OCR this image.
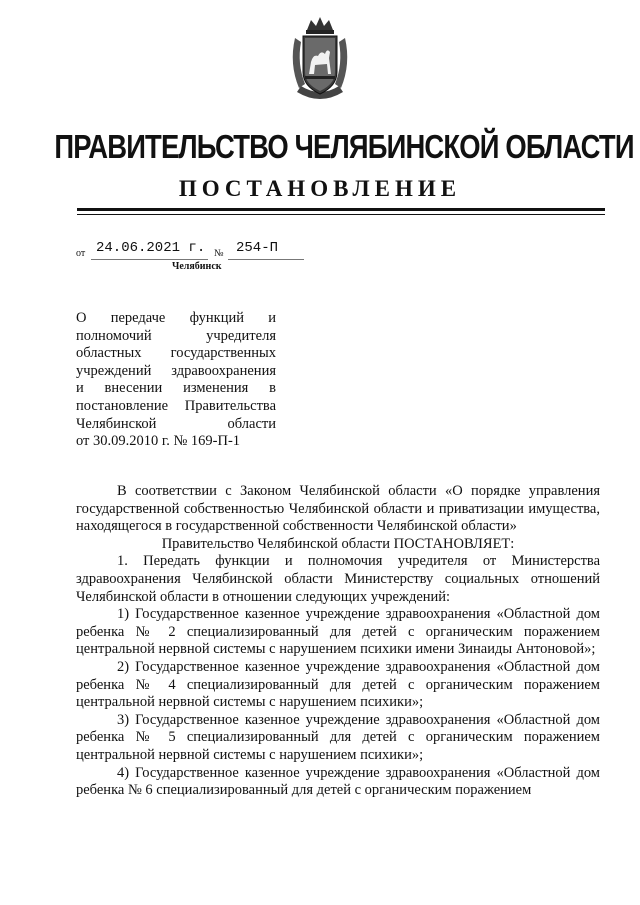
ПРАВИТЕЛЬСТВО ЧЕЛЯБИНСКОЙ ОБЛАСТИ
ПОСТАНОВЛЕНИЕ
от 24.06.2021 г. № 254-П
Челябинск
О передаче функций и
полномочий учредителя
областных государственных
учреждений здравоохранения
и внесении изменения в
постановление Правительства
Челябинской области
от 30.09.2010 г. № 169-П-1

В соответствии с Законом Челябинской области «О порядке управления государственной собственностью Челябинской области и приватизации имущества, находящегося в государственной собственности Челябинской области»

Правительство Челябинской области ПОСТАНОВЛЯЕТ:

1. Передать функции и полномочия учредителя от Министерства здравоохранения Челябинской области Министерству социальных отношений Челябинской области в отношении следующих учреждений:

1) Государственное казенное учреждение здравоохранения «Областной дом ребенка № 2 специализированный для детей с органическим поражением центральной нервной системы с нарушением психики имени Зинаиды Антоновой»;

2) Государственное казенное учреждение здравоохранения «Областной дом ребенка № 4 специализированный для детей с органическим поражением центральной нервной системы с нарушением психики»;

3) Государственное казенное учреждение здравоохранения «Областной дом ребенка № 5 специализированный для детей с органическим поражением центральной нервной системы с нарушением психики»;

4) Государственное казенное учреждение здравоохранения «Областной дом ребенка № 6 специализированный для детей с органическим поражением
